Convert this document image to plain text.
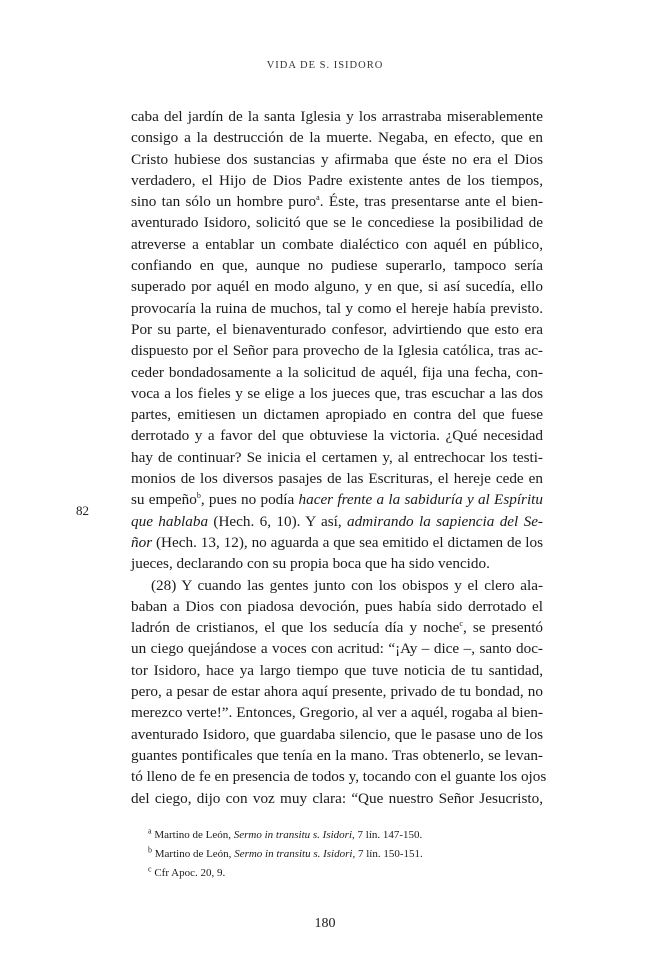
VIDA DE S. ISIDORO
82
caba del jardín de la santa Iglesia y los arrastraba miserablemente
consigo a la destrucción de la muerte. Negaba, en efecto, que en
Cristo hubiese dos sustancias y afirmaba que éste no era el Dios
verdadero, el Hijo de Dios Padre existente antes de los tiempos,
sino tan sólo un hombre puro$^a$. Éste, tras presentarse ante el bien-
aventurado Isidoro, solicitó que se le concediese la posibilidad de
atreverse a entablar un combate dialéctico con aquél en público,
confiando en que, aunque no pudiese superarlo, tampoco sería
superado por aquél en modo alguno, y en que, si así sucedía, ello
provocaría la ruina de muchos, tal y como el hereje había previsto.
Por su parte, el bienaventurado confesor, advirtiendo que esto era
dispuesto por el Señor para provecho de la Iglesia católica, tras ac-
ceder bondadosamente a la solicitud de aquél, fija una fecha, con-
voca a los fieles y se elige a los jueces que, tras escuchar a las dos
partes, emitiesen un dictamen apropiado en contra del que fuese
derrotado y a favor del que obtuviese la victoria. ¿Qué necesidad
hay de continuar? Se inicia el certamen y, al entrechocar los testi-
monios de los diversos pasajes de las Escrituras, el hereje cede en
su empeño$^b$, pues no podía hacer frente a la sabiduría y al Espíritu
que hablaba (Hech. 6, 10). Y así, admirando la sapiencia del Se-
ñor (Hech. 13, 12), no aguarda a que sea emitido el dictamen de los
jueces, declarando con su propia boca que ha sido vencido.
(28) Y cuando las gentes junto con los obispos y el clero ala-
baban a Dios con piadosa devoción, pues había sido derrotado el
ladrón de cristianos, el que los seducía día y noche$^c$, se presentó
un ciego quejándose a voces con acritud: “¡Ay – dice –, santo doc-
tor Isidoro, hace ya largo tiempo que tuve noticia de tu santidad,
pero, a pesar de estar ahora aquí presente, privado de tu bondad, no
merezco verte!”. Entonces, Gregorio, al ver a aquél, rogaba al bien-
aventurado Isidoro, que guardaba silencio, que le pasase uno de los
guantes pontificales que tenía en la mano. Tras obtenerlo, se levan-
tó lleno de fe en presencia de todos y, tocando con el guante los ojos
del ciego, dijo con voz muy clara: “Que nuestro Señor Jesucristo,
$^a$ Martino de León, Sermo in transitu s. Isidori, 7 lín. 147-150.
$^b$ Martino de León, Sermo in transitu s. Isidori, 7 lín. 150-151.
$^c$ Cfr Apoc. 20, 9.
180
